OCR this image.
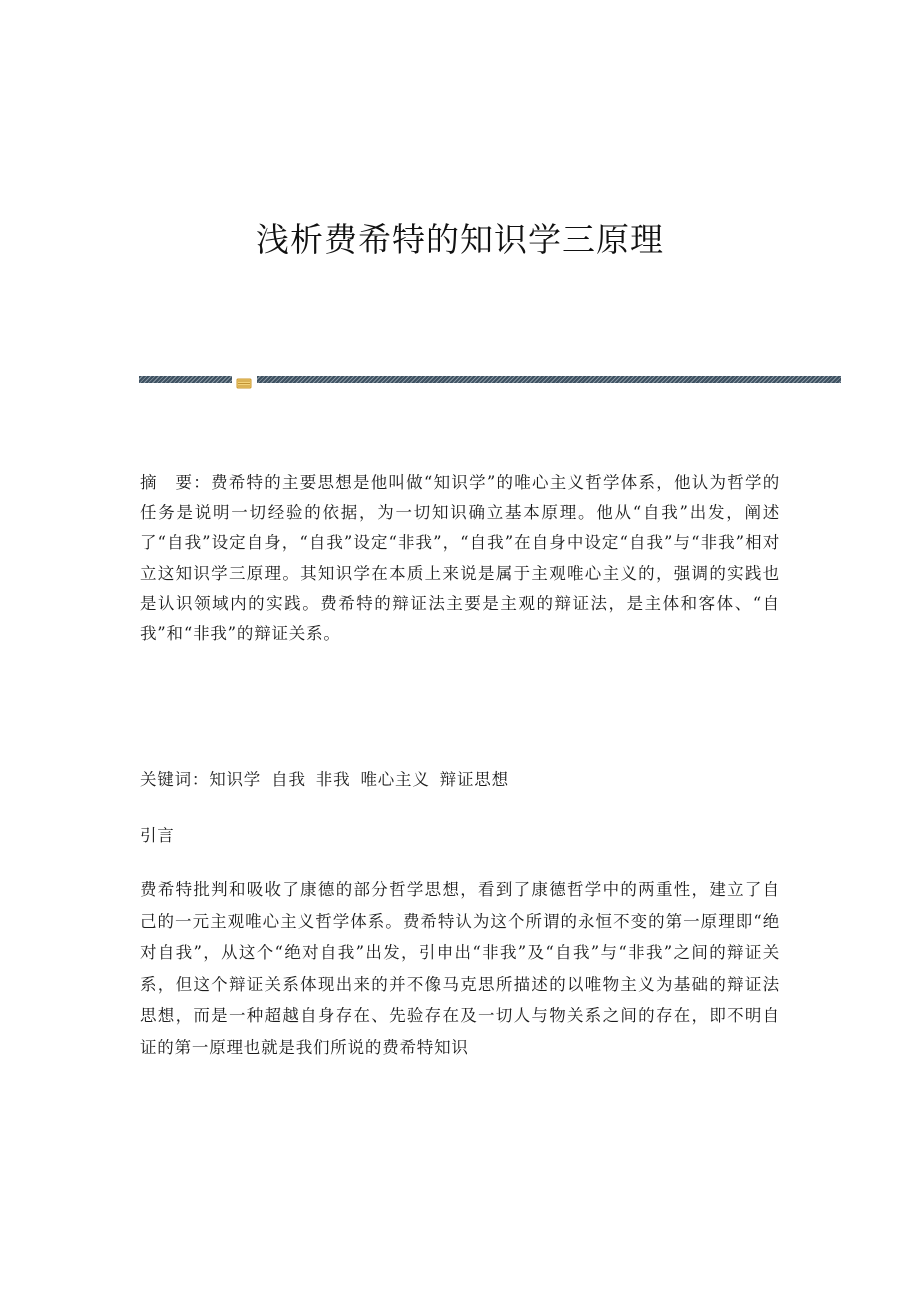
浅析费希特的知识学三原理

摘　要：费希特的主要思想是他叫做“知识学”的唯心主义哲学体系，他认为哲学的任务是说明一切经验的依据，为一切知识确立基本原理。他从“自我”出发，阐述了“自我”设定自身，“自我”设定“非我”，“自我”在自身中设定“自我”与“非我”相对立这知识学三原理。其知识学在本质上来说是属于主观唯心主义的，强调的实践也是认识领域内的实践。费希特的辩证法主要是主观的辩证法，是主体和客体、“自我”和“非我”的辩证关系。

关键词：知识学 自我 非我 唯心主义 辩证思想

引言

费希特批判和吸收了康德的部分哲学思想，看到了康德哲学中的两重性，建立了自己的一元主观唯心主义哲学体系。费希特认为这个所谓的永恒不变的第一原理即“绝对自我”，从这个“绝对自我”出发，引申出“非我”及“自我”与“非我”之间的辩证关系，但这个辩证关系体现出来的并不像马克思所描述的以唯物主义为基础的辩证法思想，而是一种超越自身存在、先验存在及一切人与物关系之间的存在，即不明自证的第一原理也就是我们所说的费希特知识
